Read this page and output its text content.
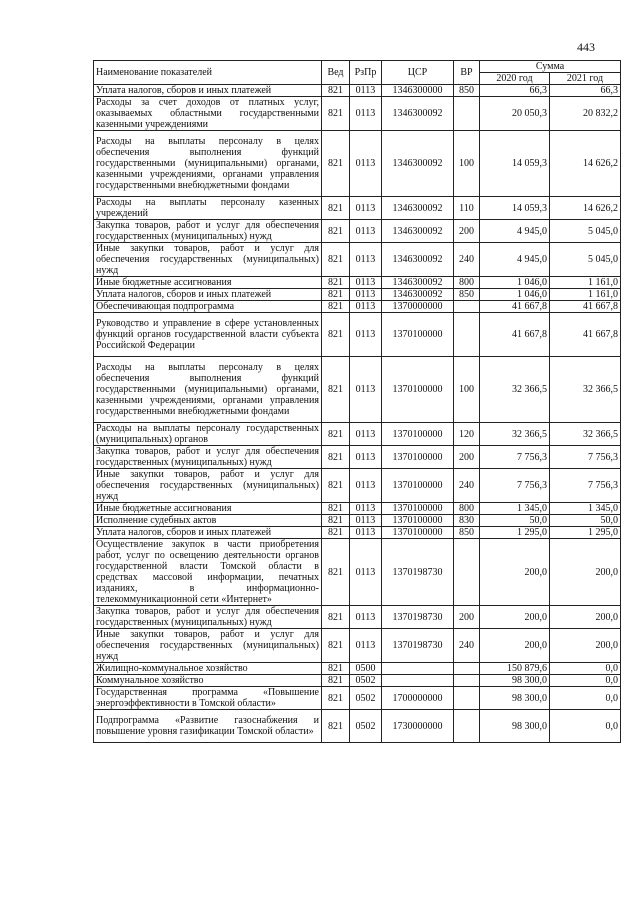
443
Наименование показателей	Вед	РзПр	ЦСР	ВР	Сумма	
					2020 год	2021 год
Уплата налогов, сборов и иных платежей	821	0113	1346300000	850	66,3	66,3
Расходы за счет доходов от платных услуг, оказываемых областными государственными казенными учреждениями	821	0113	1346300092		20 050,3	20 832,2
Расходы на выплаты персоналу в целях обеспечения выполнения функций государственными (муниципальными) органами, казенными учреждениями, органами управления государственными внебюджетными фондами	821	0113	1346300092	100	14 059,3	14 626,2
Расходы на выплаты персоналу казенных учреждений	821	0113	1346300092	110	14 059,3	14 626,2
Закупка товаров, работ и услуг для обеспечения государственных (муниципальных) нужд	821	0113	1346300092	200	4 945,0	5 045,0
Иные закупки товаров, работ и услуг для обеспечения государственных (муниципальных) нужд	821	0113	1346300092	240	4 945,0	5 045,0
Иные бюджетные ассигнования	821	0113	1346300092	800	1 046,0	1 161,0
Уплата налогов, сборов и иных платежей	821	0113	1346300092	850	1 046,0	1 161,0
Обеспечивающая подпрограмма	821	0113	1370000000		41 667,8	41 667,8
Руководство и управление в сфере установленных функций органов государственной власти субъекта Российской Федерации	821	0113	1370100000		41 667,8	41 667,8
Расходы на выплаты персоналу в целях обеспечения выполнения функций государственными (муниципальными) органами, казенными учреждениями, органами управления государственными внебюджетными фондами	821	0113	1370100000	100	32 366,5	32 366,5
Расходы на выплаты персоналу государственных (муниципальных) органов	821	0113	1370100000	120	32 366,5	32 366,5
Закупка товаров, работ и услуг для обеспечения государственных (муниципальных) нужд	821	0113	1370100000	200	7 756,3	7 756,3
Иные закупки товаров, работ и услуг для обеспечения государственных (муниципальных) нужд	821	0113	1370100000	240	7 756,3	7 756,3
Иные бюджетные ассигнования	821	0113	1370100000	800	1 345,0	1 345,0
Исполнение судебных актов	821	0113	1370100000	830	50,0	50,0
Уплата налогов, сборов и иных платежей	821	0113	1370100000	850	1 295,0	1 295,0
Осуществление закупок в части приобретения работ, услуг по освещению деятельности органов государственной власти Томской области в средствах массовой информации, печатных изданиях, в информационно-телекоммуникационной сети «Интернет»	821	0113	1370198730		200,0	200,0
Закупка товаров, работ и услуг для обеспечения государственных (муниципальных) нужд	821	0113	1370198730	200	200,0	200,0
Иные закупки товаров, работ и услуг для обеспечения государственных (муниципальных) нужд	821	0113	1370198730	240	200,0	200,0
Жилищно-коммунальное хозяйство	821	0500			150 879,6	0,0
Коммунальное хозяйство	821	0502			98 300,0	0,0
Государственная программа «Повышение энергоэффективности в Томской области»	821	0502	1700000000		98 300,0	0,0
Подпрограмма «Развитие газоснабжения и повышение уровня газификации Томской области»	821	0502	1730000000		98 300,0	0,0
